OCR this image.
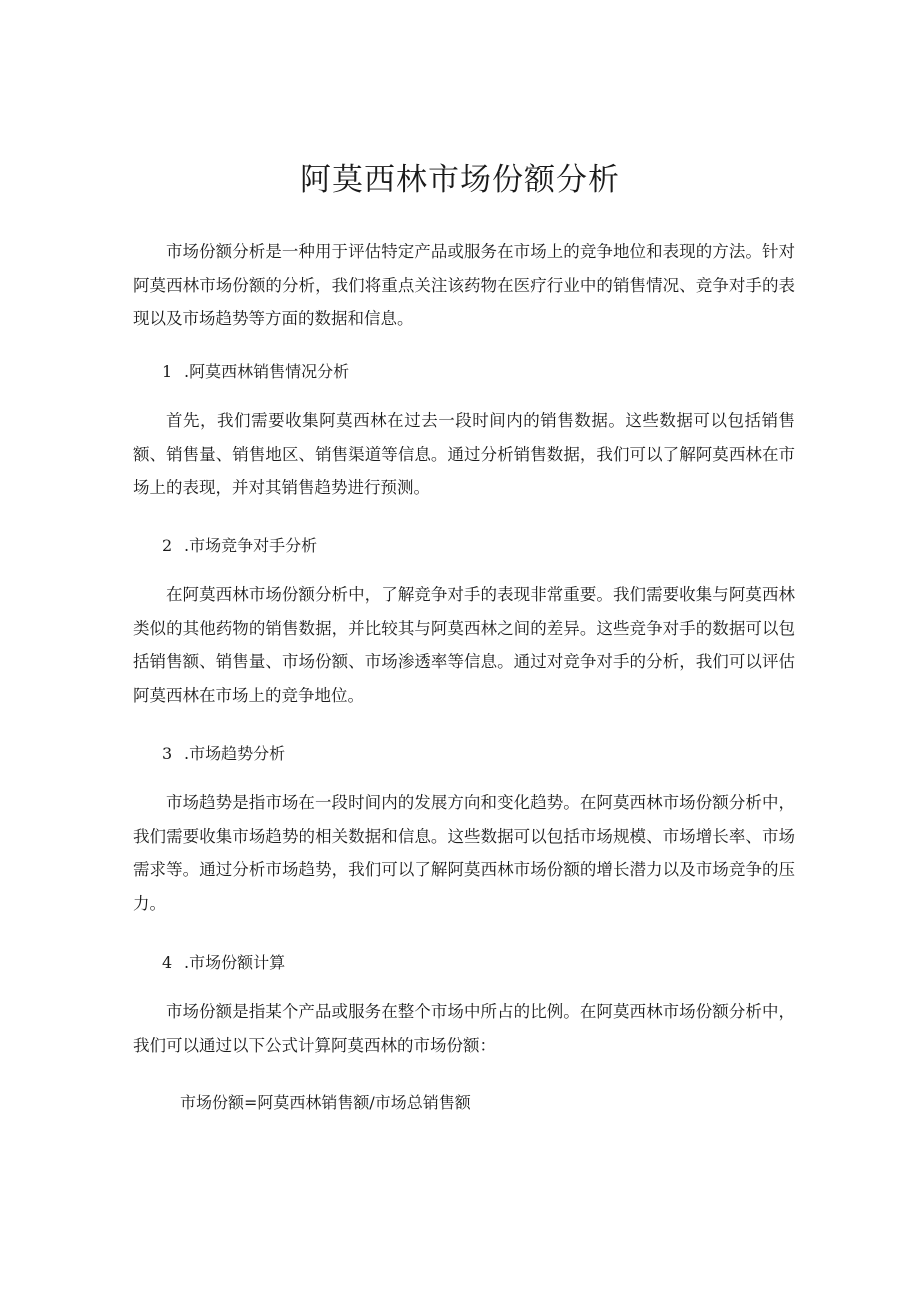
阿莫西林市场份额分析

市场份额分析是一种用于评估特定产品或服务在市场上的竞争地位和表现的方法。针对阿莫西林市场份额的分析，我们将重点关注该药物在医疗行业中的销售情况、竞争对手的表现以及市场趋势等方面的数据和信息。

1 .阿莫西林销售情况分析

首先，我们需要收集阿莫西林在过去一段时间内的销售数据。这些数据可以包括销售额、销售量、销售地区、销售渠道等信息。通过分析销售数据，我们可以了解阿莫西林在市场上的表现，并对其销售趋势进行预测。

2 .市场竞争对手分析

在阿莫西林市场份额分析中，了解竞争对手的表现非常重要。我们需要收集与阿莫西林类似的其他药物的销售数据，并比较其与阿莫西林之间的差异。这些竞争对手的数据可以包括销售额、销售量、市场份额、市场渗透率等信息。通过对竞争对手的分析，我们可以评估阿莫西林在市场上的竞争地位。

3 .市场趋势分析

市场趋势是指市场在一段时间内的发展方向和变化趋势。在阿莫西林市场份额分析中，我们需要收集市场趋势的相关数据和信息。这些数据可以包括市场规模、市场增长率、市场需求等。通过分析市场趋势，我们可以了解阿莫西林市场份额的增长潜力以及市场竞争的压力。

4 .市场份额计算

市场份额是指某个产品或服务在整个市场中所占的比例。在阿莫西林市场份额分析中，我们可以通过以下公式计算阿莫西林的市场份额：

市场份额=阿莫西林销售额/市场总销售额
